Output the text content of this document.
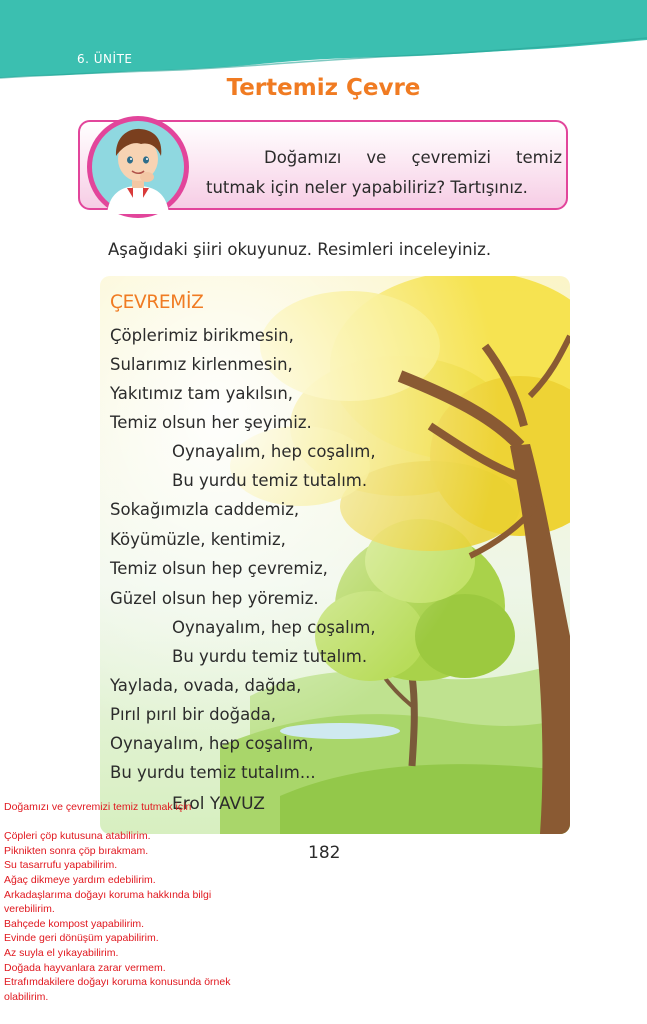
6. ÜNİTE
Tertemiz Çevre
Doğamızı ve çevremizi temiz tutmak için neler yapabiliriz? Tartışınız.
Aşağıdaki şiiri okuyunuz. Resimleri inceleyiniz.
ÇEVREMİZ
Çöplerimiz birikmesin,
Sularımız kirlenmesin,
Yakıtımız tam yakılsın,
Temiz olsun her şeyimiz.
Oynayalım, hep coşalım,
Bu yurdu temiz tutalım.
Sokağımızla caddemiz,
Köyümüzle, kentimiz,
Temiz olsun hep çevremiz,
Güzel olsun hep yöremiz.
Oynayalım, hep coşalım,
Bu yurdu temiz tutalım.
Yaylada, ovada, dağda,
Pırıl pırıl bir doğada,
Oynayalım, hep coşalım,
Bu yurdu temiz tutalım...
Erol YAVUZ
182
Doğamızı ve çevremizi temiz tutmak için
Çöpleri çöp kutusuna atabilirim.
Piknikten sonra çöp bırakmam.
Su tasarrufu yapabilirim.
Ağaç dikmeye yardım edebilirim.
Arkadaşlarıma doğayı koruma hakkında bilgi verebilirim.
Bahçede kompost yapabilirim.
Evinde geri dönüşüm yapabilirim.
Az suyla el yıkayabilirim.
Doğada hayvanlara zarar vermem.
Etrafımdakilere doğayı koruma konusunda örnek olabilirim.
